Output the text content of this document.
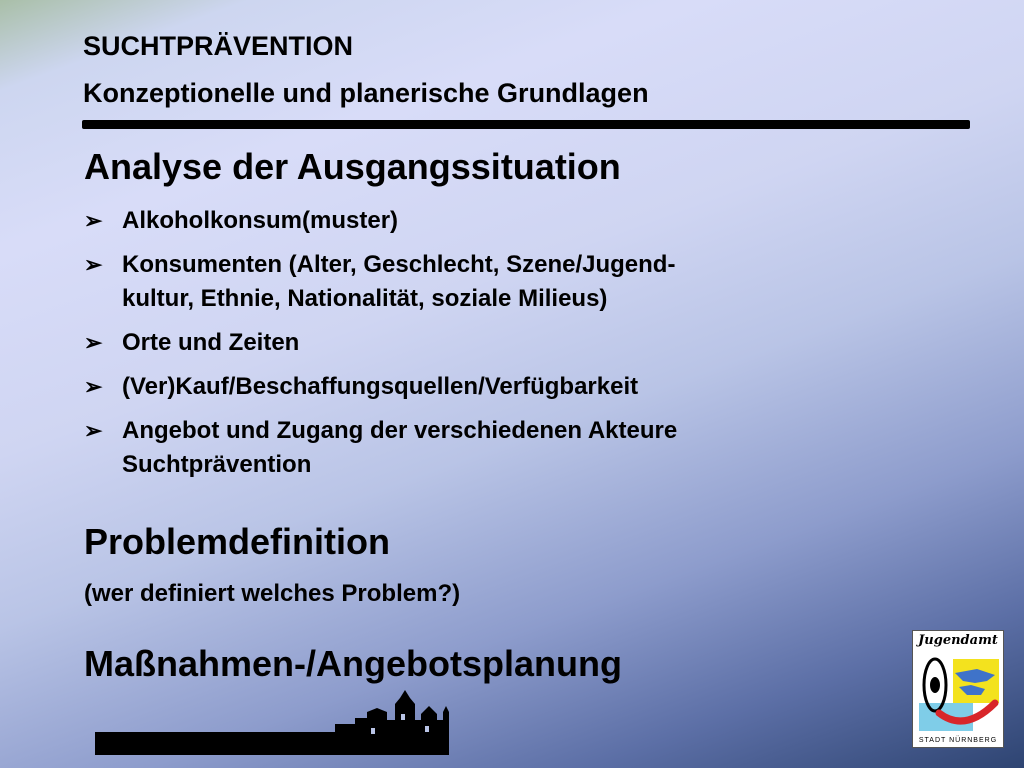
SUCHTPRÄVENTION
Konzeptionelle und planerische Grundlagen
Analyse der Ausgangssituation
➢ Alkoholkonsum(muster)
➢ Konsumenten (Alter, Geschlecht, Szene/Jugend-
kultur, Ethnie, Nationalität, soziale Milieus)
➢ Orte und Zeiten
➢ (Ver)Kauf/Beschaffungsquellen/Verfügbarkeit
➢ Angebot und Zugang der verschiedenen Akteure
Suchtprävention
Problemdefinition

(wer definiert welches Problem?)

Maßnahmen-/Angebotsplanung
Jugendamt
STADT NÜRNBERG
